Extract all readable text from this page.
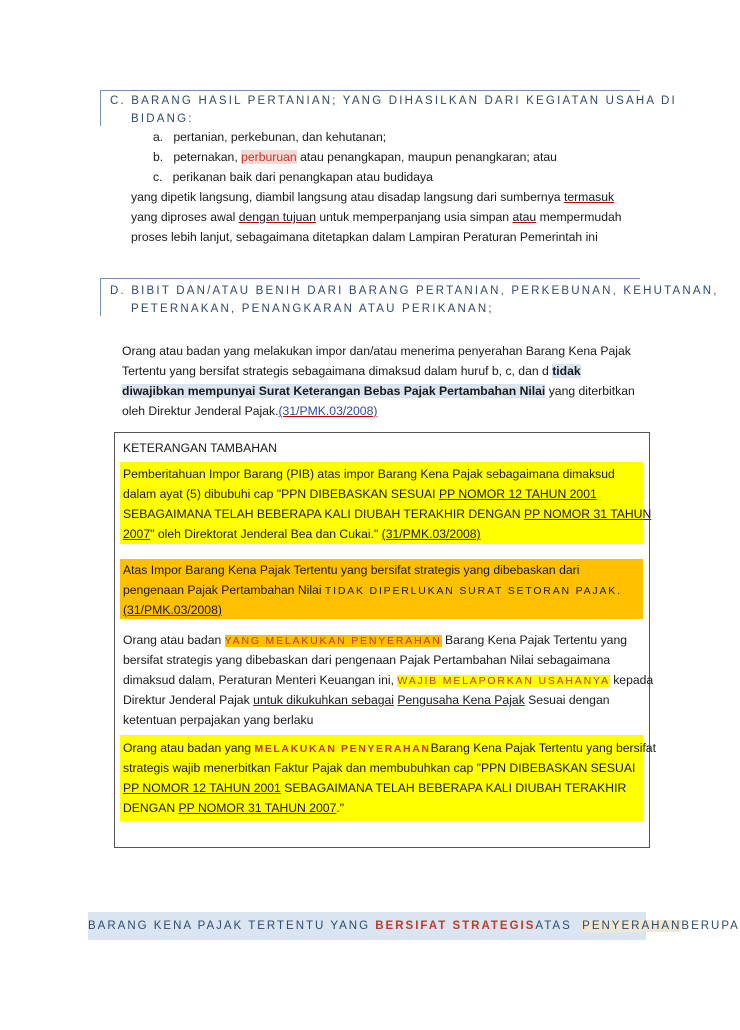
C. BARANG HASIL PERTANIAN; YANG DIHASILKAN DARI KEGIATAN USAHA DI
BIDANG:
a. pertanian, perkebunan, dan kehutanan;
b. peternakan, perburuan atau penangkapan, maupun penangkaran; atau
c. perikanan baik dari penangkapan atau budidaya
yang dipetik langsung, diambil langsung atau disadap langsung dari sumbernya termasuk
yang diproses awal dengan tujuan untuk memperpanjang usia simpan atau mempermudah
proses lebih lanjut, sebagaimana ditetapkan dalam Lampiran Peraturan Pemerintah ini
D. BIBIT DAN/ATAU BENIH DARI BARANG PERTANIAN, PERKEBUNAN, KEHUTANAN,
PETERNAKAN, PENANGKARAN ATAU PERIKANAN;
Orang atau badan yang melakukan impor dan/atau menerima penyerahan Barang Kena Pajak
Tertentu yang bersifat strategis sebagaimana dimaksud dalam huruf b, c, dan d tidak
diwajibkan mempunyai Surat Keterangan Bebas Pajak Pertambahan Nilai yang diterbitkan
oleh Direktur Jenderal Pajak.(31/PMK.03/2008)
KETERANGAN TAMBAHAN
Pemberitahuan Impor Barang (PIB) atas impor Barang Kena Pajak sebagaimana dimaksud
dalam ayat (5) dibubuhi cap "PPN DIBEBASKAN SESUAI PP NOMOR 12 TAHUN 2001
SEBAGAIMANA TELAH BEBERAPA KALI DIUBAH TERAKHIR DENGAN PP NOMOR 31 TAHUN
2007" oleh Direktorat Jenderal Bea dan Cukai." (31/PMK.03/2008)
Atas Impor Barang Kena Pajak Tertentu yang bersifat strategis yang dibebaskan dari
pengenaan Pajak Pertambahan Nilai TIDAK DIPERLUKAN SURAT SETORAN PAJAK.
(31/PMK.03/2008)
Orang atau badan YANG MELAKUKAN PENYERAHAN Barang Kena Pajak Tertentu yang
bersifat strategis yang dibebaskan dari pengenaan Pajak Pertambahan Nilai sebagaimana
dimaksud dalam, Peraturan Menteri Keuangan ini, WAJIB MELAPORKAN USAHANYA kepada
Direktur Jenderal Pajak untuk dikukuhkan sebagai Pengusaha Kena Pajak Sesuai dengan
ketentuan perpajakan yang berlaku
Orang atau badan yang MELAKUKAN PENYERAHANBarang Kena Pajak Tertentu yang bersifat
strategis wajib menerbitkan Faktur Pajak dan membubuhkan cap "PPN DIBEBASKAN SESUAI
PP NOMOR 12 TAHUN 2001 SEBAGAIMANA TELAH BEBERAPA KALI DIUBAH TERAKHIR
DENGAN PP NOMOR 31 TAHUN 2007."
BARANG KENA PAJAK TERTENTU YANG BERSIFAT STRATEGISATAS  PENYERAHANBERUPA
